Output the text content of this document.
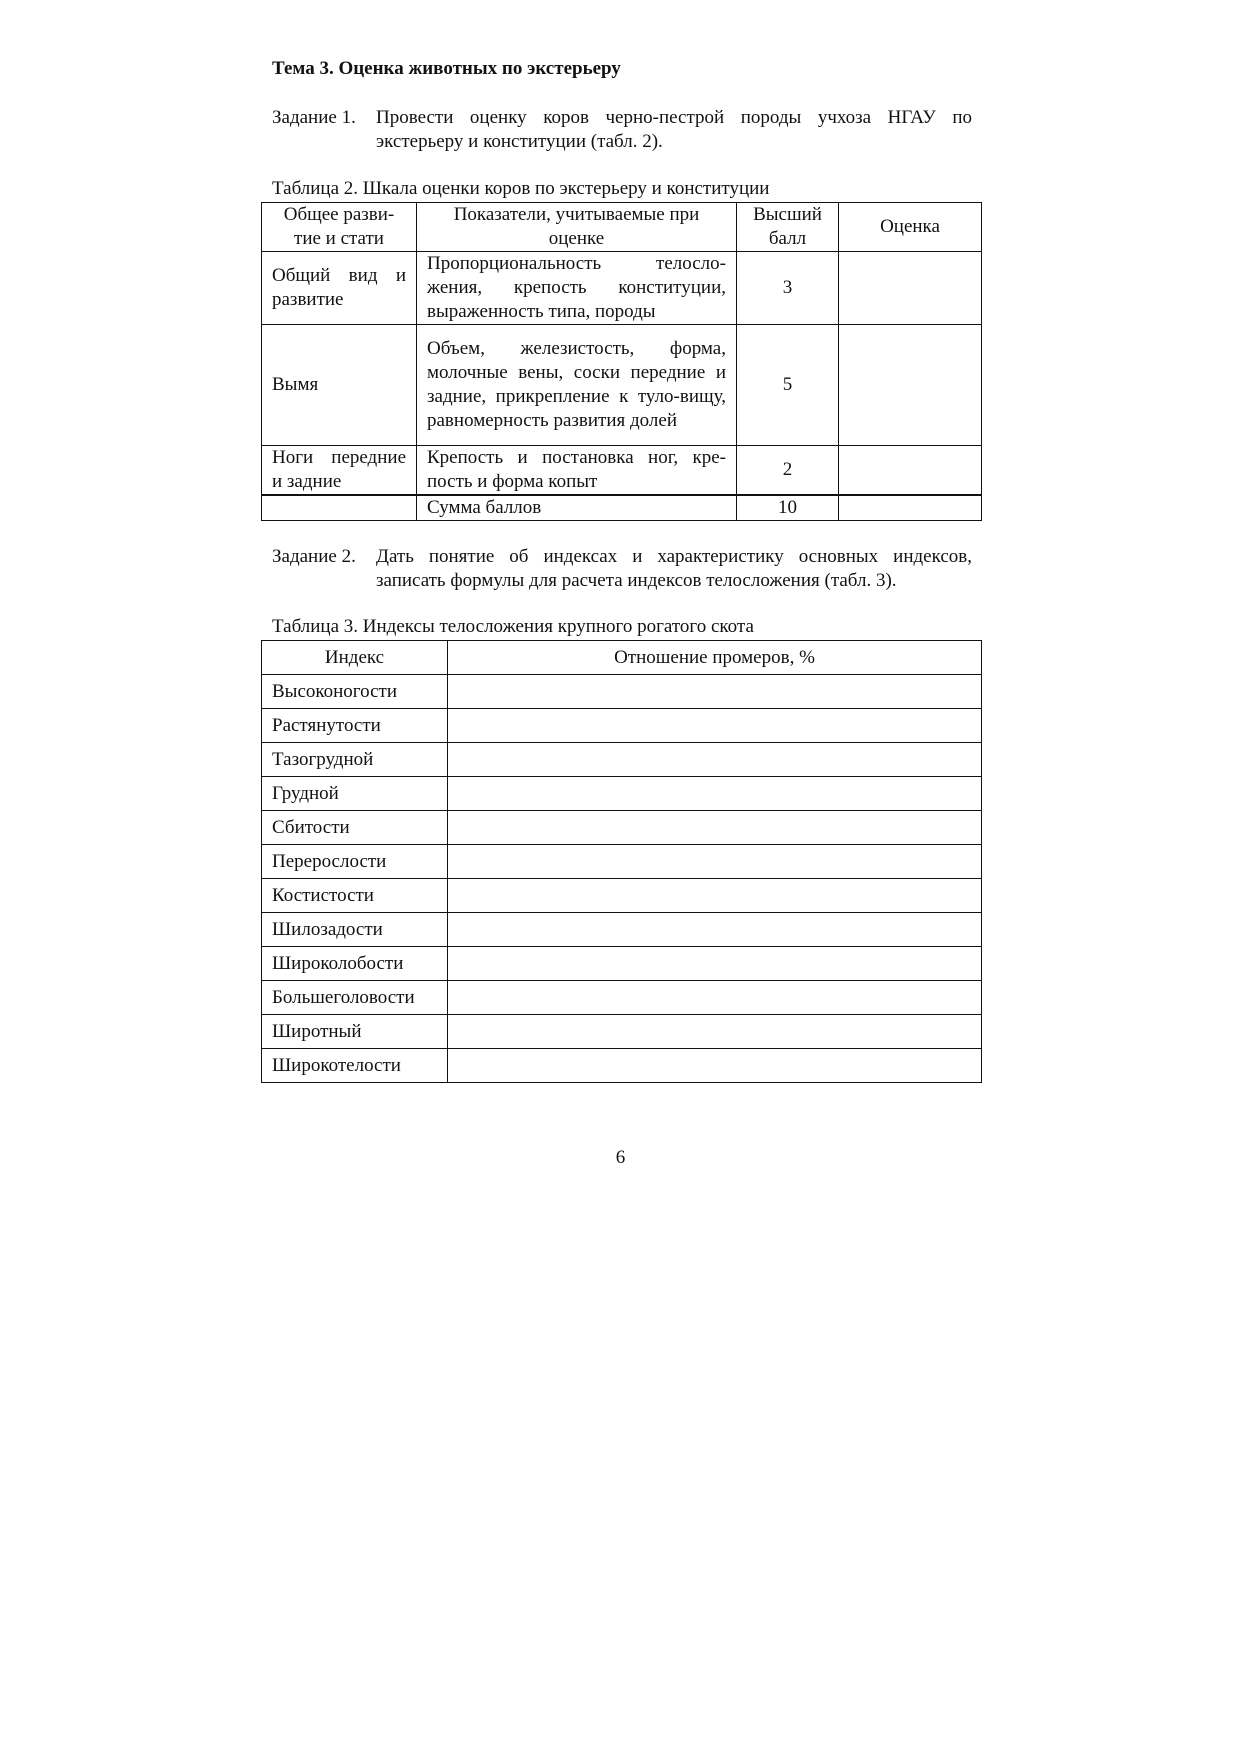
Тема 3. Оценка животных по экстерьеру
Задание 1. Провести оценку коров черно-пестрой породы учхоза НГАУ по
экстерьеру и конституции (табл. 2).
Таблица 2. Шкала оценки коров по экстерьеру и конституции
Общее разви-тие и стати	Показатели, учитываемые при оценке	Высший балл	Оценка
Общий вид и развитие	Пропорциональность телосло-жения, крепость конституции, выраженность типа, породы	3	
Вымя	Объем, железистость, форма, молочные вены, соски передние и задние, прикрепление к туло-вищу, равномерность развития долей	5	
Ноги передние и задние	Крепость и постановка ног, кре-пость и форма копыт	2	
	Сумма баллов	10	
Задание 2. Дать понятие об индексах и характеристику основных индексов,
записать формулы для расчета индексов телосложения (табл. 3).
Таблица 3. Индексы телосложения крупного рогатого скота
Индекс	Отношение промеров, %
Высоконогости	
Растянутости	
Тазогрудной	
Грудной	
Сбитости	
Перерослости	
Костистости	
Шилозадости	
Широколобости	
Большеголовости	
Широтный	
Широкотелости	
6
